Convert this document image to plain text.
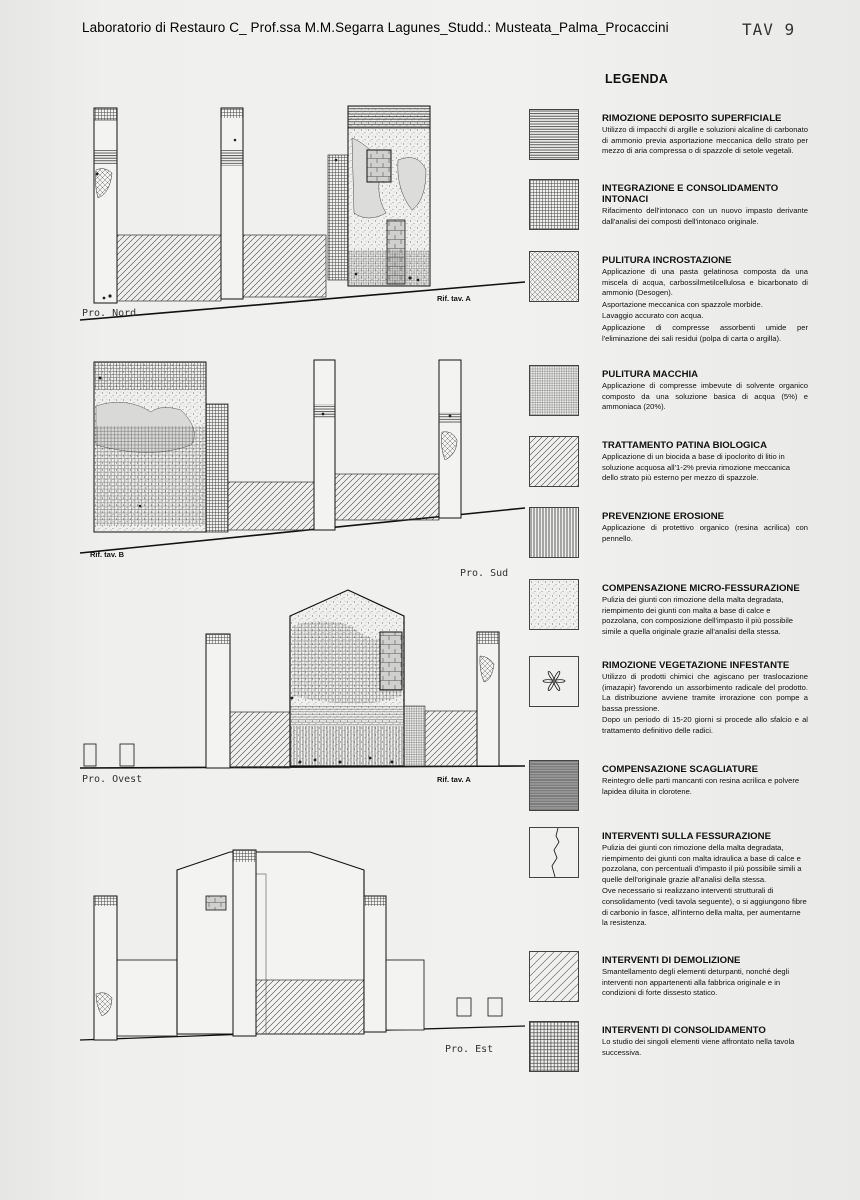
Laboratorio di Restauro C_ Prof.ssa M.M.Segarra Lagunes_Studd.: Musteata_Palma_Procaccini	TAV 9
LEGENDA
RIMOZIONE DEPOSITO SUPERFICIALE
Utilizzo di impacchi di argille e soluzioni alcaline di carbonato di ammonio previa asportazione meccanica dello strato per mezzo di aria compressa o di spazzole di setole vegetali.
INTEGRAZIONE E CONSOLIDAMENTO INTONACI
Rifacimento dell'intonaco con un nuovo impasto derivante dall'analisi dei composti dell'intonaco originale.
PULITURA INCROSTAZIONE
Applicazione di una pasta gelatinosa composta da una miscela di acqua, carbossilmetilcellulosa e bicarbonato di ammonio (Desogen).
Asportazione meccanica con spazzole morbide.
Lavaggio accurato con acqua.
Applicazione di compresse assorbenti umide per l'eliminazione dei sali residui (polpa di carta o argilla).
PULITURA MACCHIA
Applicazione di compresse imbevute di solvente organico composto da una soluzione basica di acqua (5%) e ammoniaca (20%).
TRATTAMENTO PATINA BIOLOGICA
Applicazione di un biocida a base di ipoclorito di litio in soluzione acquosa all'1-2% previa rimozione meccanica dello strato più esterno per mezzo di spazzole.
PREVENZIONE EROSIONE
Applicazione di protettivo organico (resina acrilica) con pennello.
COMPENSAZIONE MICRO-FESSURAZIONE
Pulizia dei giunti con rimozione della malta degradata, riempimento dei giunti con malta a base di calce e pozzolana, con composizione dell'impasto il più possibile simile a quella originale grazie all'analisi della stessa.
RIMOZIONE VEGETAZIONE INFESTANTE
Utilizzo di prodotti chimici che agiscano per traslocazione (imazapir) favorendo un assorbimento radicale del prodotto. La distribuzione avviene tramite irrorazione con pompe a bassa pressione.
Dopo un periodo di 15-20 giorni si procede allo sfalcio e al trattamento definitivo delle radici.
COMPENSAZIONE SCAGLIATURE
Reintegro delle parti mancanti con resina acrilica e polvere lapidea diluita in clorotene.
INTERVENTI SULLA FESSURAZIONE
Pulizia dei giunti con rimozione della malta degradata, riempimento dei giunti con malta idraulica a base di calce e pozzolana, con percentuali d'impasto il più possibile simili a quelle dell'originale grazie all'analisi della stessa.
Ove necessario si realizzano interventi strutturali di consolidamento (vedi tavola seguente), o si aggiungono fibre di carbonio in fasce, all'interno della malta, per aumentarne la resistenza.
INTERVENTI DI DEMOLIZIONE
Smantellamento degli elementi deturpanti, nonché degli interventi non appartenenti alla fabbrica originale e in condizioni di forte dissesto statico.
INTERVENTI DI CONSOLIDAMENTO
Lo studio dei singoli elementi viene affrontato nella tavola successiva.
Pro. Nord
Rif. tav. A
Rif. tav. B
Pro. Sud
Pro. Ovest	Rif. tav. A
Pro. Est
